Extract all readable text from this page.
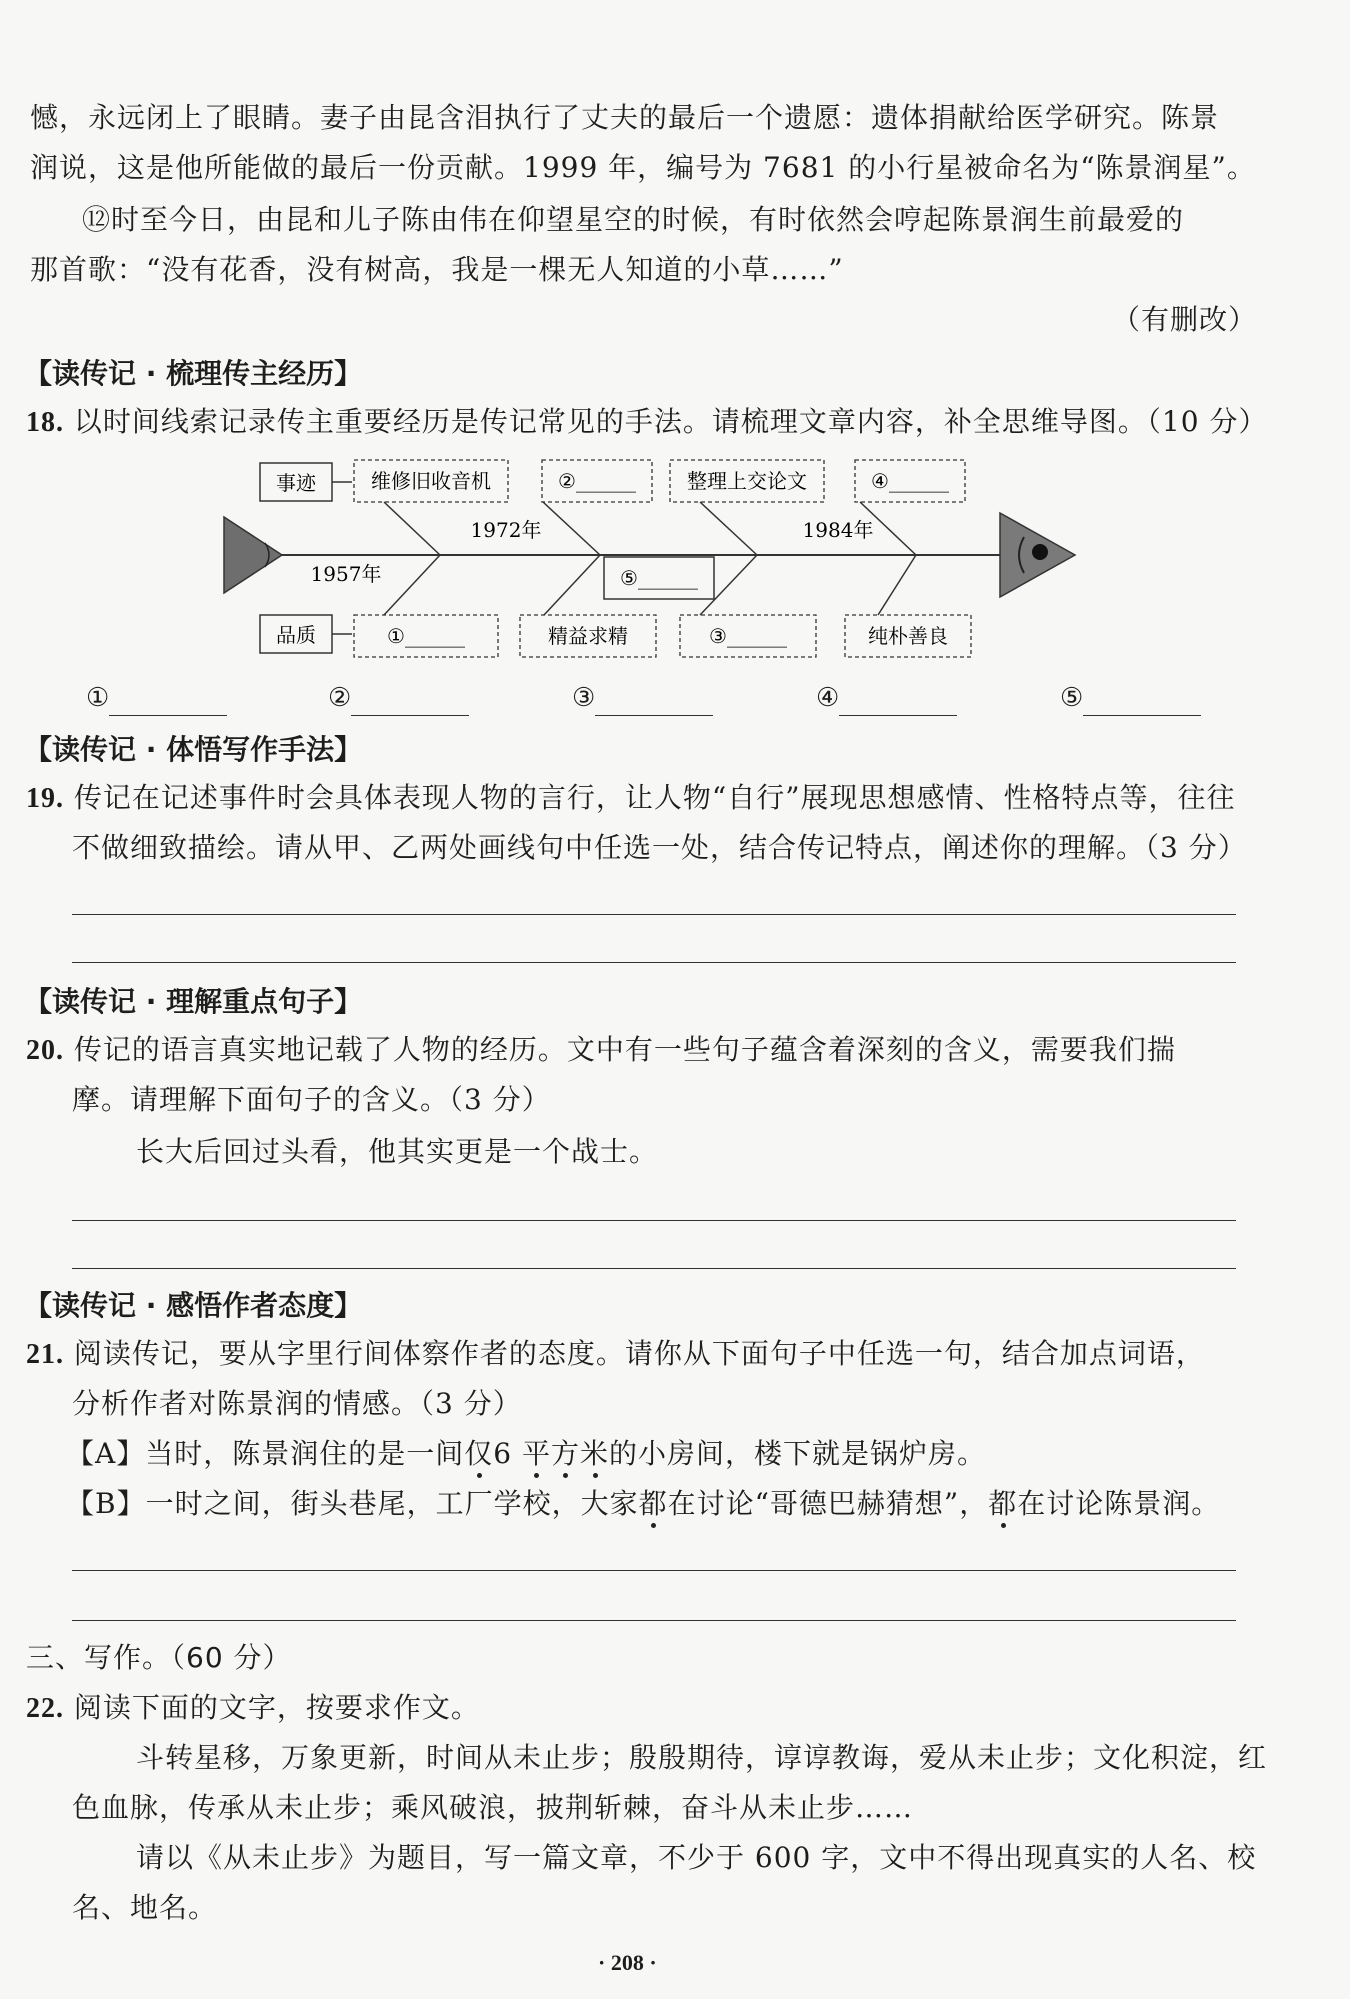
憾，永远闭上了眼睛。妻子由昆含泪执行了丈夫的最后一个遗愿：遗体捐献给医学研究。陈景
润说，这是他所能做的最后一份贡献。1999 年，编号为 7681 的小行星被命名为“陈景润星”。
⑫时至今日，由昆和儿子陈由伟在仰望星空的时候，有时依然会哼起陈景润生前最爱的
那首歌：“没有花香，没有树高，我是一棵无人知道的小草……”
（有删改）
【读传记 · 梳理传主经历】
18. 以时间线索记录传主重要经历是传记常见的手法。请梳理文章内容，补全思维导图。（10 分）
事迹
品质
维修旧收音机	②______	整理上交论文	④______
①______	精益求精	③______	纯朴善良
⑤______
1957年
1972年	1984年
①	②	③	④	⑤
【读传记 · 体悟写作手法】
19. 传记在记述事件时会具体表现人物的言行，让人物“自行”展现思想感情、性格特点等，往往
不做细致描绘。请从甲、乙两处画线句中任选一处，结合传记特点，阐述你的理解。（3 分）
【读传记 · 理解重点句子】
20. 传记的语言真实地记载了人物的经历。文中有一些句子蕴含着深刻的含义，需要我们揣
摩。请理解下面句子的含义。（3 分）
长大后回过头看，他其实更是一个战士。
【读传记 · 感悟作者态度】
21. 阅读传记，要从字里行间体察作者的态度。请你从下面句子中任选一句，结合加点词语，
分析作者对陈景润的情感。（3 分）
【A】当时，陈景润住的是一间仅6 平方米的小房间，楼下就是锅炉房。
【B】一时之间，街头巷尾，工厂学校，大家都在讨论“哥德巴赫猜想”，都在讨论陈景润。
三、写作。（60 分）
22. 阅读下面的文字，按要求作文。
斗转星移，万象更新，时间从未止步；殷殷期待，谆谆教诲，爱从未止步；文化积淀，红
色血脉，传承从未止步；乘风破浪，披荆斩棘，奋斗从未止步……
请以《从未止步》为题目，写一篇文章，不少于 600 字，文中不得出现真实的人名、校
名、地名。
· 208 ·
